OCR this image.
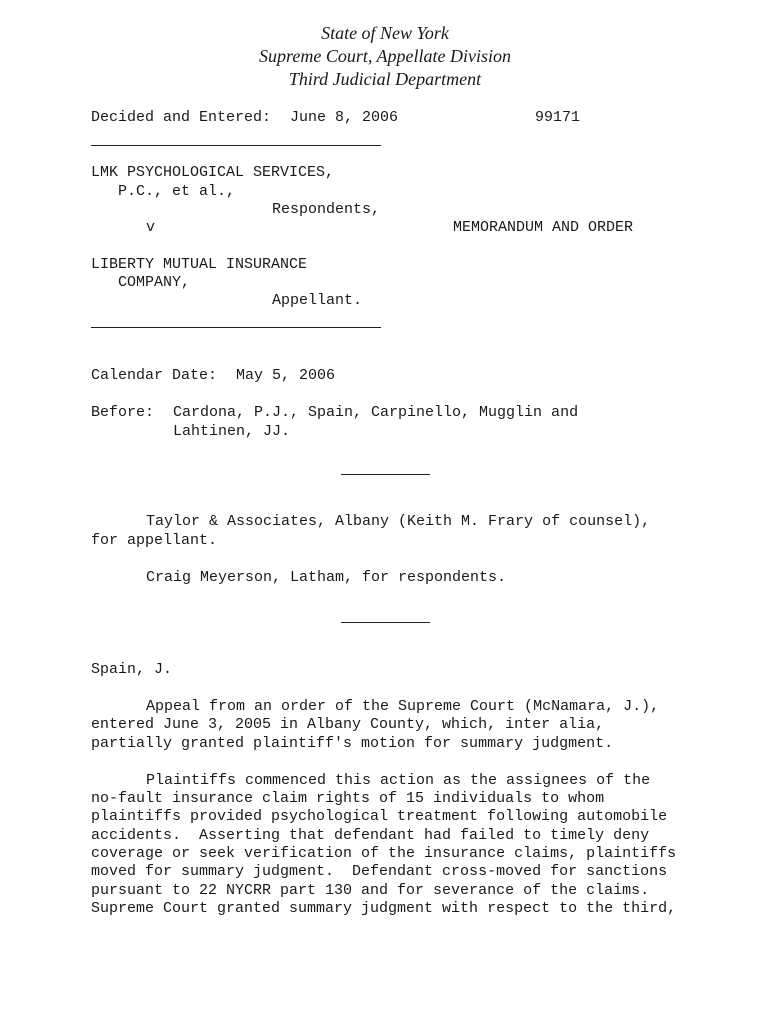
State of New York
Supreme Court, Appellate Division
Third Judicial Department
Decided and Entered: June 8, 2006	99171
LMK PSYCHOLOGICAL SERVICES,
P.C., et al.,
Respondents,
v	MEMORANDUM AND ORDER
LIBERTY MUTUAL INSURANCE
COMPANY,
Appellant.
Calendar Date: May 5, 2006
Before: Cardona, P.J., Spain, Carpinello, Mugglin and
Lahtinen, JJ.
Taylor & Associates, Albany (Keith M. Frary of counsel),
for appellant.
Craig Meyerson, Latham, for respondents.
Spain, J.
Appeal from an order of the Supreme Court (McNamara, J.),
entered June 3, 2005 in Albany County, which, inter alia,
partially granted plaintiff's motion for summary judgment.
Plaintiffs commenced this action as the assignees of the
no-fault insurance claim rights of 15 individuals to whom
plaintiffs provided psychological treatment following automobile
accidents.  Asserting that defendant had failed to timely deny
coverage or seek verification of the insurance claims, plaintiffs
moved for summary judgment.  Defendant cross-moved for sanctions
pursuant to 22 NYCRR part 130 and for severance of the claims.
Supreme Court granted summary judgment with respect to the third,
